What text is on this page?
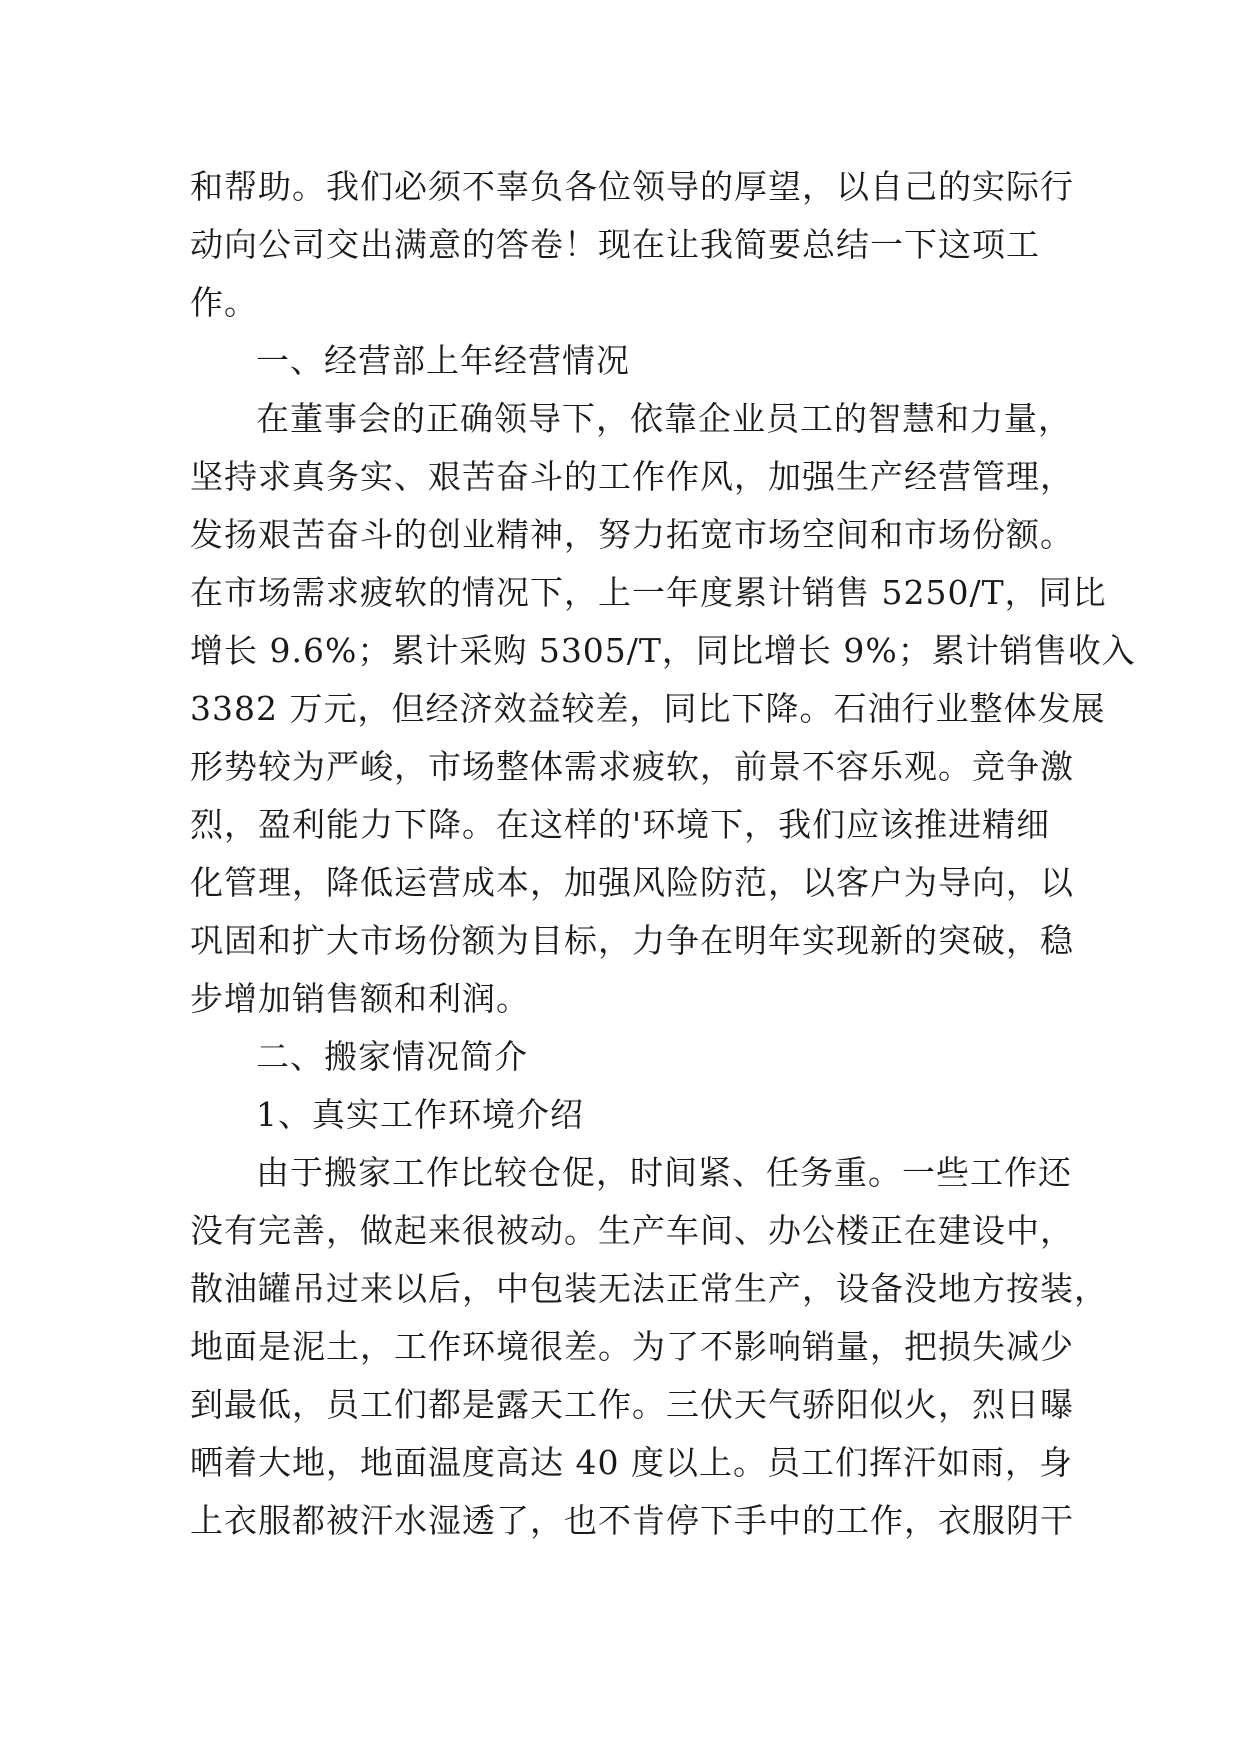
和帮助。我们必须不辜负各位领导的厚望，以自己的实际行
动向公司交出满意的答卷！现在让我简要总结一下这项工
作。
一、经营部上年经营情况
在董事会的正确领导下，依靠企业员工的智慧和力量，
坚持求真务实、艰苦奋斗的工作作风，加强生产经营管理，
发扬艰苦奋斗的创业精神，努力拓宽市场空间和市场份额。
在市场需求疲软的情况下，上一年度累计销售 5250/T，同比
增长 9.6%；累计采购 5305/T，同比增长 9%；累计销售收入
3382 万元，但经济效益较差，同比下降。石油行业整体发展
形势较为严峻，市场整体需求疲软，前景不容乐观。竞争激
烈，盈利能力下降。在这样的'环境下，我们应该推进精细
化管理，降低运营成本，加强风险防范，以客户为导向，以
巩固和扩大市场份额为目标，力争在明年实现新的突破，稳
步增加销售额和利润。
二、搬家情况简介
1、真实工作环境介绍
由于搬家工作比较仓促，时间紧、任务重。一些工作还
没有完善，做起来很被动。生产车间、办公楼正在建设中，
散油罐吊过来以后，中包装无法正常生产，设备没地方按装，
地面是泥土，工作环境很差。为了不影响销量，把损失减少
到最低，员工们都是露天工作。三伏天气骄阳似火，烈日曝
晒着大地，地面温度高达 40 度以上。员工们挥汗如雨，身
上衣服都被汗水湿透了，也不肯停下手中的工作，衣服阴干
